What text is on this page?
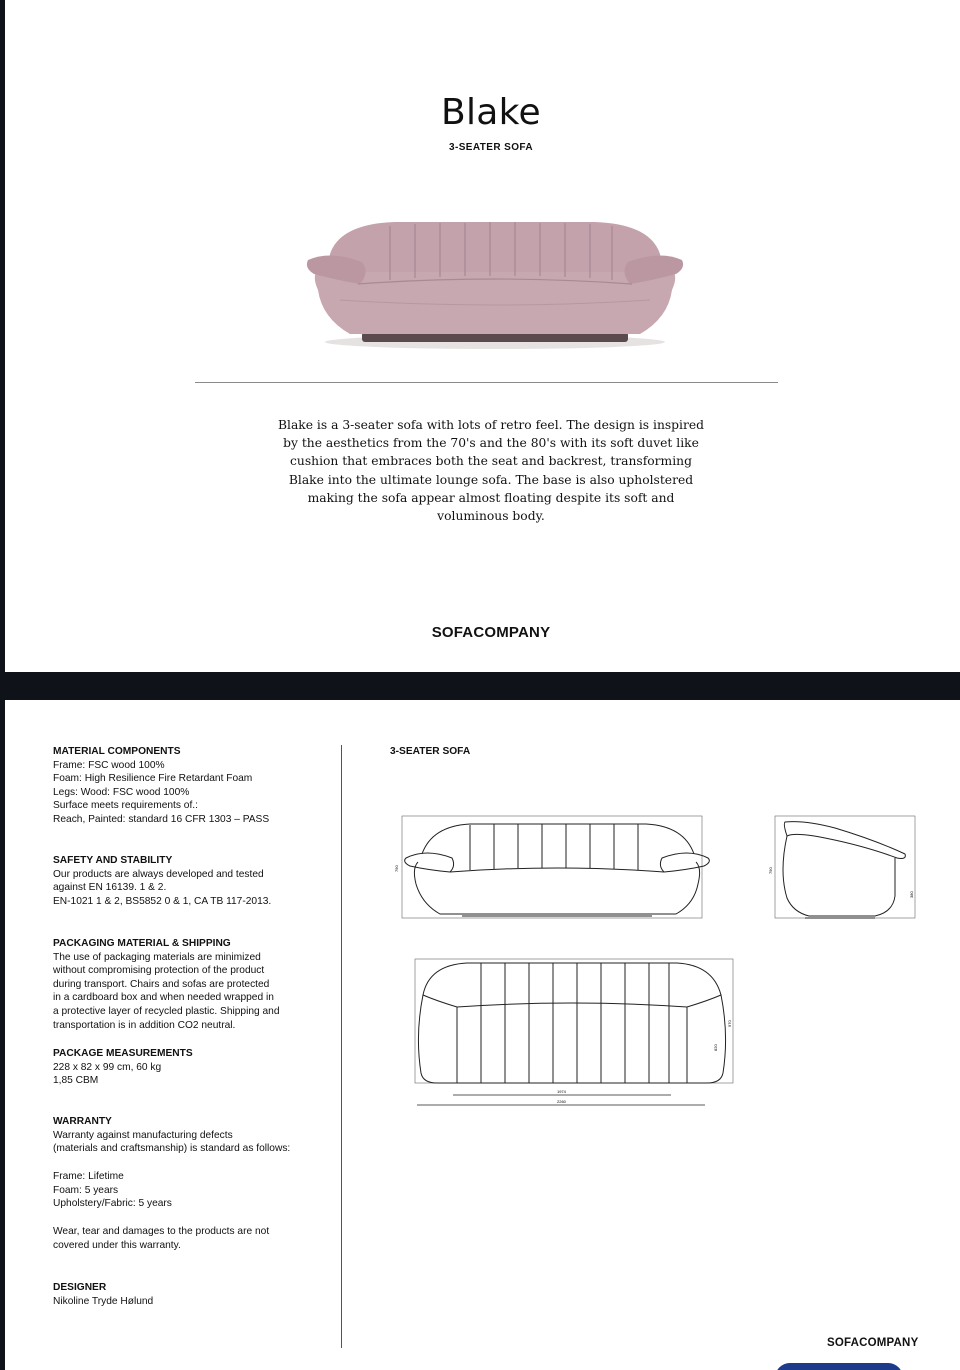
Blake
3-SEATER SOFA
Blake is a 3-seater sofa with lots of retro feel. The design is inspired by the aesthetics from the 70's and the 80's with its soft duvet like cushion that embraces both the seat and backrest, transforming Blake into the ultimate lounge sofa. The base is also upholstered making the sofa appear almost floating despite its soft and voluminous body.
SOFACOMPANY
MATERIAL COMPONENTS
Frame: FSC wood 100%
Foam: High Resilience Fire Retardant Foam
Legs: Wood: FSC wood 100%
Surface meets requirements of.:
Reach, Painted: standard 16 CFR 1303 – PASS
SAFETY AND STABILITY
Our products are always developed and tested
against EN 16139. 1 & 2.
EN-1021 1 & 2, BS5852 0 & 1, CA TB 117-2013.
PACKAGING MATERIAL & SHIPPING
The use of packaging materials are minimized
without compromising protection of the product
during transport. Chairs and sofas are protected
in a cardboard box and when needed wrapped in
a protective layer of recycled plastic. Shipping and
transportation is in addition CO2 neutral.
PACKAGE MEASUREMENTS
228 x 82 x 99 cm, 60 kg
1,85 CBM
WARRANTY
Warranty against manufacturing defects
(materials and craftsmanship) is standard as follows:
Frame: Lifetime
Foam: 5 years
Upholstery/Fabric: 5 years
Wear, tear and damages to the products are not
covered under this warranty.
DESIGNER
Nikoline Tryde Hølund
3-SEATER SOFA
790	790
380
1974
2260
970
820
SOFACOMPANY
